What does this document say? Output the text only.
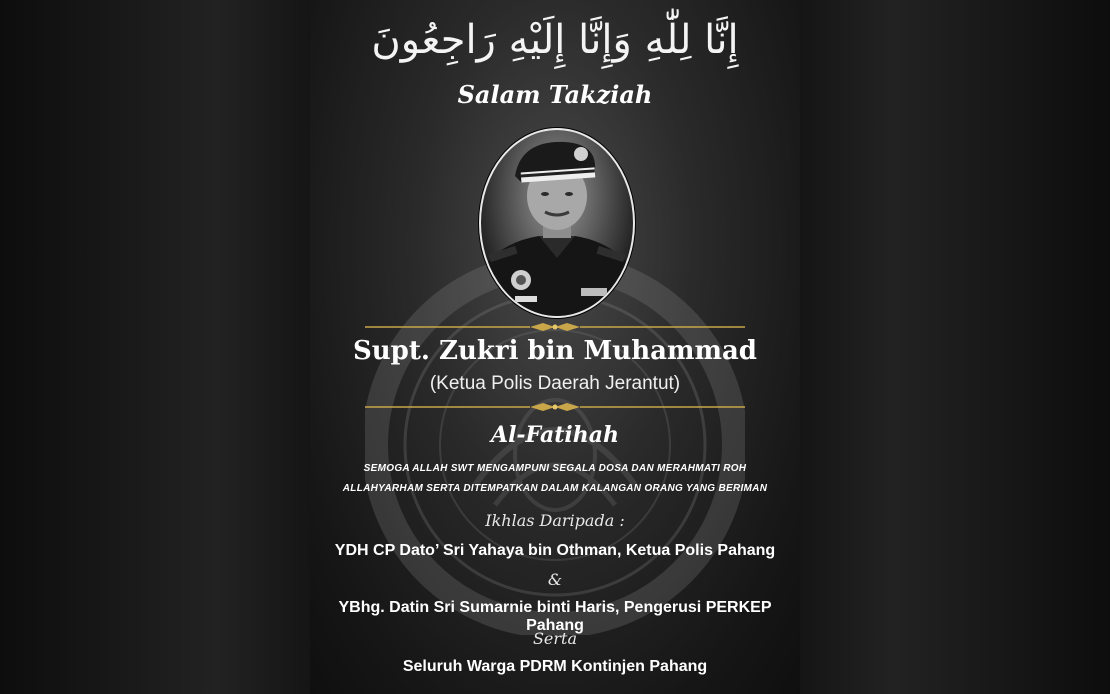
إِنَّا لِلّٰهِ وَإِنَّا إِلَيْهِ رَاجِعُونَ
Salam Takziah
Supt. Zukri bin Muhammad
(Ketua Polis Daerah Jerantut)
Al-Fatihah
SEMOGA ALLAH SWT MENGAMPUNI SEGALA DOSA DAN MERAHMATI ROH
ALLAHYARHAM SERTA DITEMPATKAN DALAM KALANGAN ORANG YANG BERIMAN
Ikhlas Daripada :
YDH CP Dato’ Sri Yahaya bin Othman, Ketua Polis Pahang
&
YBhg. Datin Sri Sumarnie binti Haris, Pengerusi PERKEP Pahang
Serta
Seluruh Warga PDRM Kontinjen Pahang
